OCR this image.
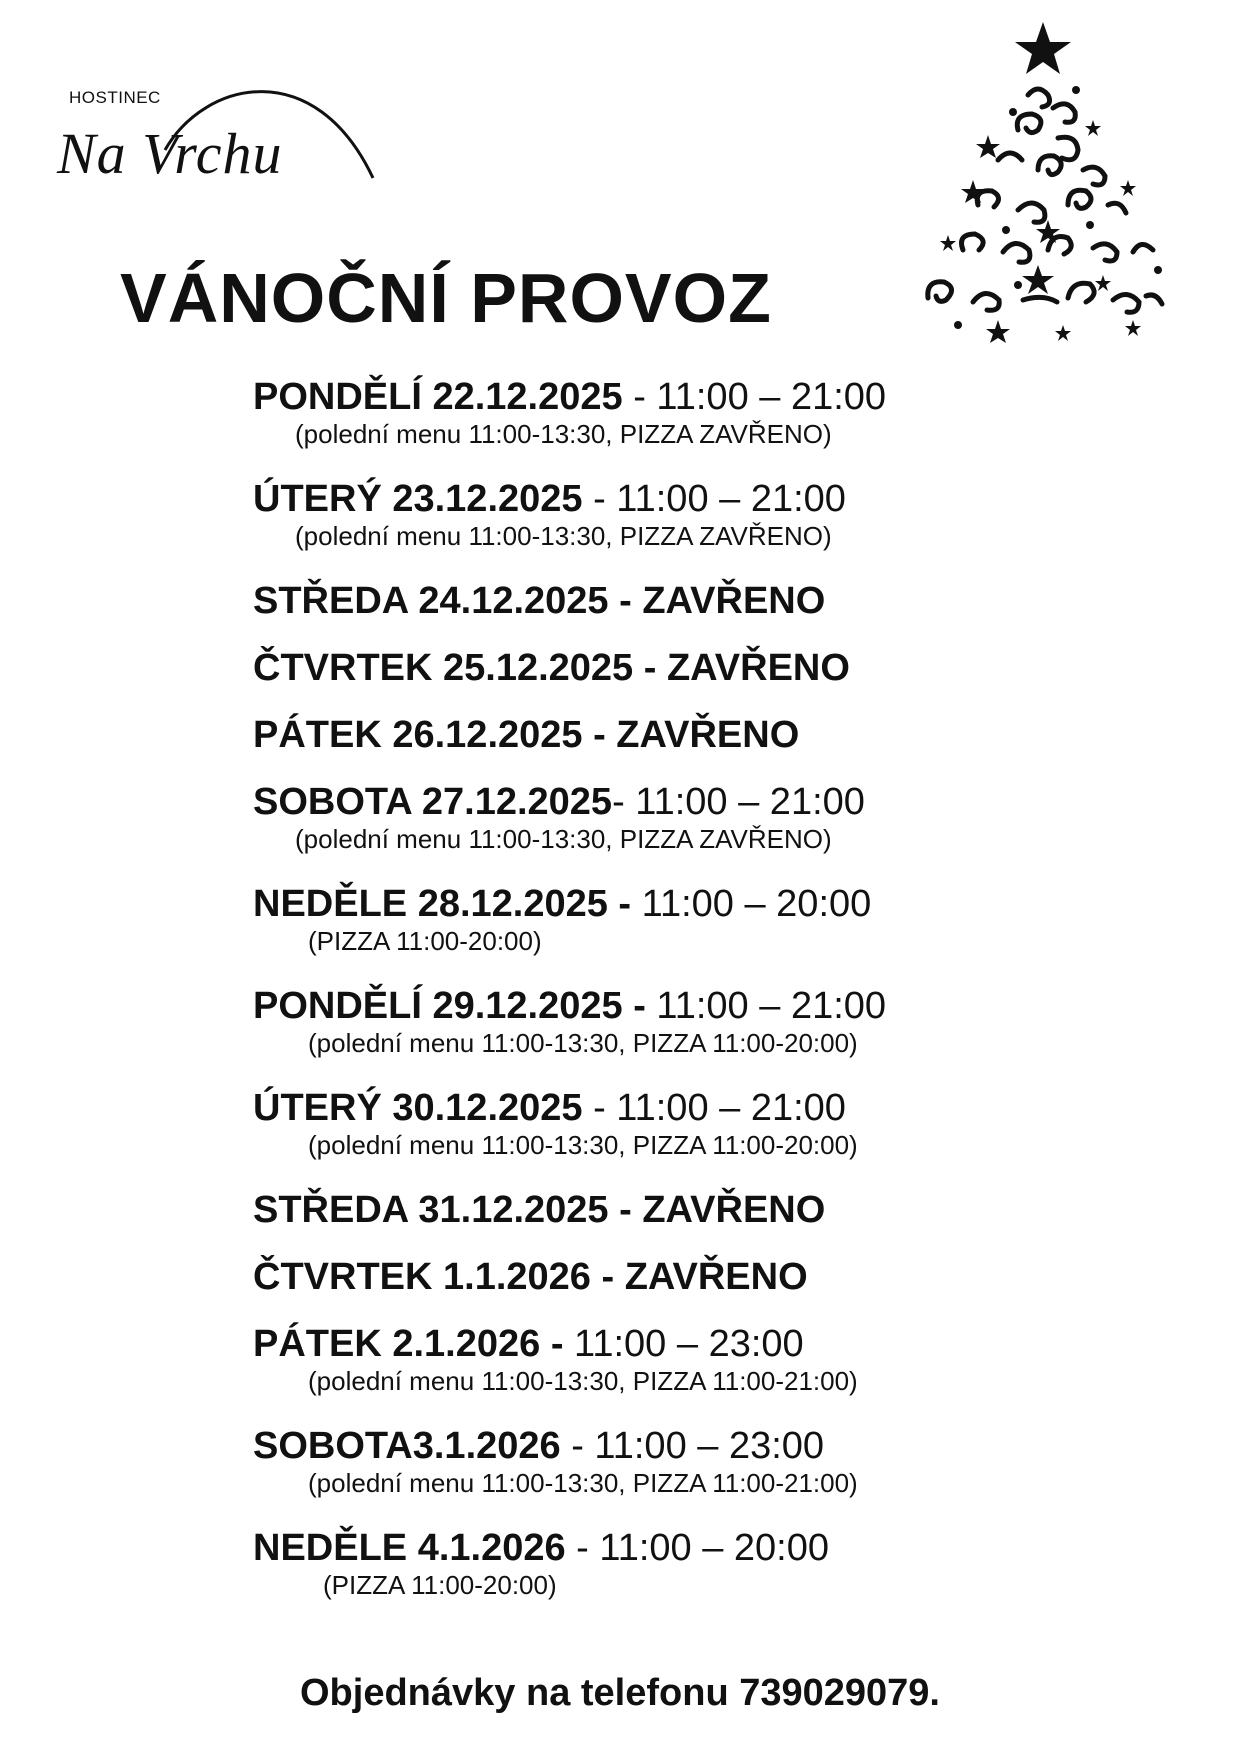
HOSTINEC
Na Vrchu
VÁNOČNÍ PROVOZ
PONDĚLÍ 22.12.2025 - 11:00 – 21:00
(polední menu 11:00-13:30, PIZZA ZAVŘENO)
ÚTERÝ 23.12.2025 - 11:00 – 21:00
(polední menu 11:00-13:30, PIZZA ZAVŘENO)
STŘEDA 24.12.2025 - ZAVŘENO
ČTVRTEK 25.12.2025 - ZAVŘENO
PÁTEK 26.12.2025 - ZAVŘENO
SOBOTA 27.12.2025- 11:00 – 21:00
(polední menu 11:00-13:30, PIZZA ZAVŘENO)
NEDĚLE 28.12.2025 - 11:00 – 20:00
(PIZZA 11:00-20:00)
PONDĚLÍ 29.12.2025 - 11:00 – 21:00
(polední menu 11:00-13:30, PIZZA 11:00-20:00)
ÚTERÝ 30.12.2025 - 11:00 – 21:00
(polední menu 11:00-13:30, PIZZA 11:00-20:00)
STŘEDA 31.12.2025 - ZAVŘENO
ČTVRTEK 1.1.2026 - ZAVŘENO
PÁTEK 2.1.2026 - 11:00 – 23:00
(polední menu 11:00-13:30, PIZZA 11:00-21:00)
SOBOTA3.1.2026 - 11:00 – 23:00
(polední menu 11:00-13:30, PIZZA 11:00-21:00)
NEDĚLE 4.1.2026 - 11:00 – 20:00
(PIZZA 11:00-20:00)

Objednávky na telefonu 739029079.
